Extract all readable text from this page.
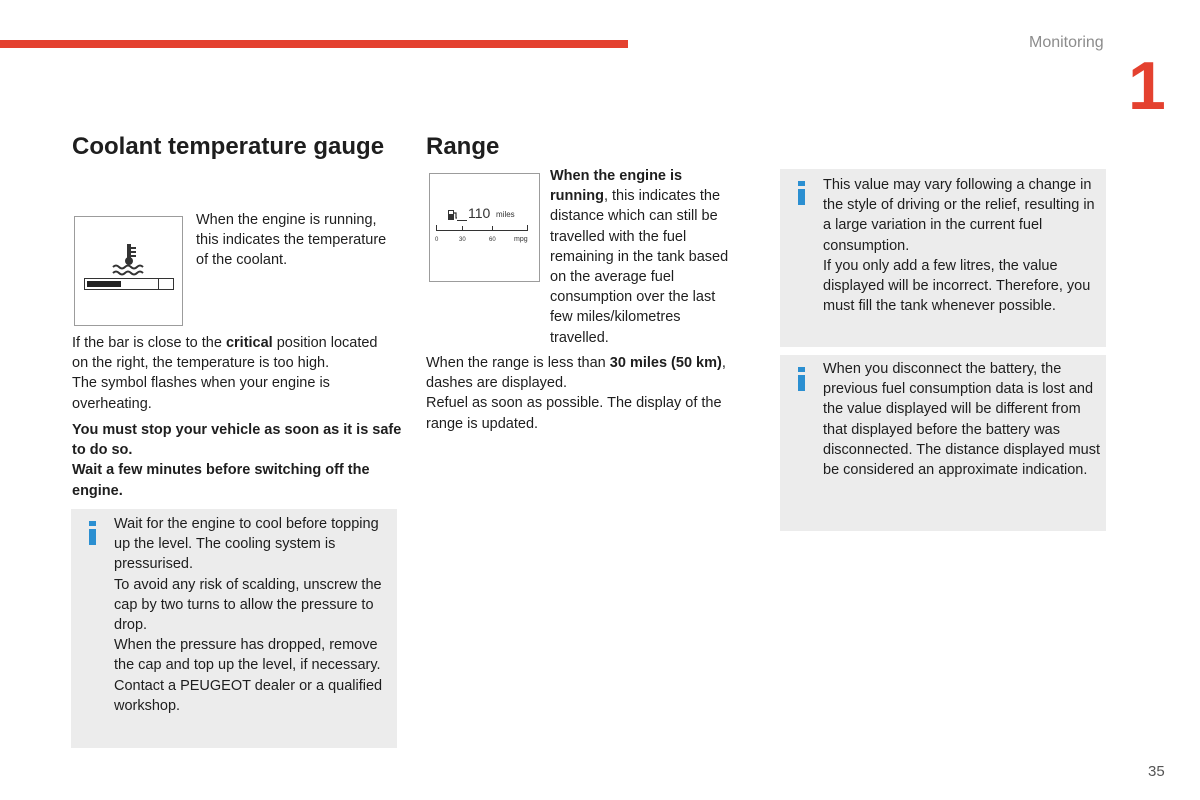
Monitoring
1
Coolant temperature gauge
When the engine is running, this indicates the temperature of the coolant.
If the bar is close to the critical position located on the right, the temperature is too high.
The symbol flashes when your engine is overheating.
You must stop your vehicle as soon as it is safe to do so.
Wait a few minutes before switching off the engine.
Wait for the engine to cool before topping up the level. The cooling system is pressurised.
To avoid any risk of scalding, unscrew the cap by two turns to allow the pressure to drop.
When the pressure has dropped, remove the cap and top up the level, if necessary.
Contact a PEUGEOT dealer or a qualified workshop.
Range
110 miles
0	30	60	mpg
When the engine is running, this indicates the distance which can still be travelled with the fuel remaining in the tank based on the average fuel consumption over the last few miles/kilometres travelled.
When the range is less than 30 miles (50 km), dashes are displayed.
Refuel as soon as possible. The display of the range is updated.
This value may vary following a change in the style of driving or the relief, resulting in a large variation in the current fuel consumption.
If you only add a few litres, the value displayed will be incorrect. Therefore, you must fill the tank whenever possible.
When you disconnect the battery, the previous fuel consumption data is lost and the value displayed will be different from that displayed before the battery was disconnected. The distance displayed must be considered an approximate indication.
35
